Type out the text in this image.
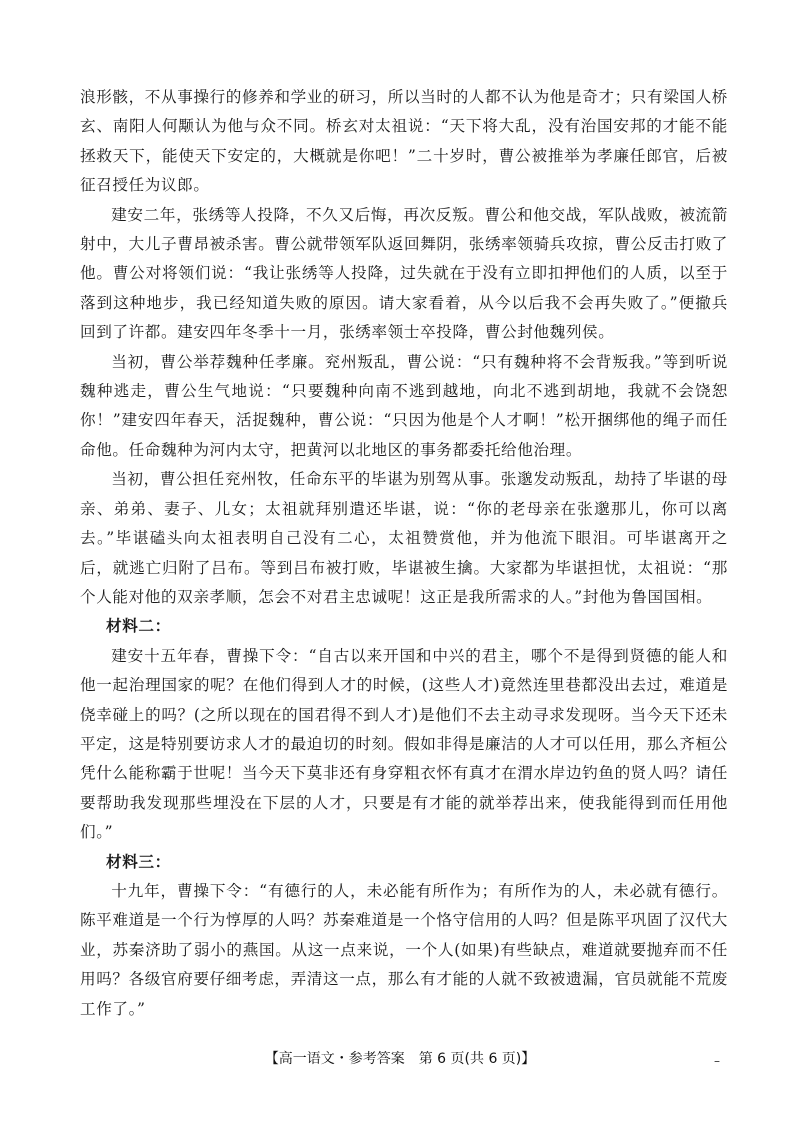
浪形骸，不从事操行的修养和学业的研习，所以当时的人都不认为他是奇才；只有梁国人桥玄、南阳人何颙认为他与众不同。桥玄对太祖说：“天下将大乱，没有治国安邦的才能不能拯救天下，能使天下安定的，大概就是你吧！”二十岁时，曹公被推举为孝廉任郎官，后被征召授任为议郎。

建安二年，张绣等人投降，不久又后悔，再次反叛。曹公和他交战，军队战败，被流箭射中，大儿子曹昂被杀害。曹公就带领军队返回舞阴，张绣率领骑兵攻掠，曹公反击打败了他。曹公对将领们说：“我让张绣等人投降，过失就在于没有立即扣押他们的人质，以至于落到这种地步，我已经知道失败的原因。请大家看着，从今以后我不会再失败了。”便撤兵回到了许都。建安四年冬季十一月，张绣率领士卒投降，曹公封他魏列侯。

当初，曹公举荐魏种任孝廉。兖州叛乱，曹公说：“只有魏种将不会背叛我。”等到听说魏种逃走，曹公生气地说：“只要魏种向南不逃到越地，向北不逃到胡地，我就不会饶恕你！”建安四年春天，活捉魏种，曹公说：“只因为他是个人才啊！”松开捆绑他的绳子而任命他。任命魏种为河内太守，把黄河以北地区的事务都委托给他治理。

当初，曹公担任兖州牧，任命东平的毕谌为别驾从事。张邈发动叛乱，劫持了毕谌的母亲、弟弟、妻子、儿女；太祖就拜别遣还毕谌，说：“你的老母亲在张邈那儿，你可以离去。”毕谌磕头向太祖表明自己没有二心，太祖赞赏他，并为他流下眼泪。可毕谌离开之后，就逃亡归附了吕布。等到吕布被打败，毕谌被生擒。大家都为毕谌担忧，太祖说：“那个人能对他的双亲孝顺，怎会不对君主忠诚呢！这正是我所需求的人。”封他为鲁国国相。

材料二：

建安十五年春，曹操下令：“自古以来开国和中兴的君主，哪个不是得到贤德的能人和他一起治理国家的呢？在他们得到人才的时候，(这些人才)竟然连里巷都没出去过，难道是侥幸碰上的吗？(之所以现在的国君得不到人才)是他们不去主动寻求发现呀。当今天下还未平定，这是特别要访求人才的最迫切的时刻。假如非得是廉洁的人才可以任用，那么齐桓公凭什么能称霸于世呢！当今天下莫非还有身穿粗衣怀有真才在渭水岸边钓鱼的贤人吗？请任要帮助我发现那些埋没在下层的人才，只要是有才能的就举荐出来，使我能得到而任用他们。”

材料三：

十九年，曹操下令：“有德行的人，未必能有所作为；有所作为的人，未必就有德行。陈平难道是一个行为惇厚的人吗？苏秦难道是一个恪守信用的人吗？但是陈平巩固了汉代大业，苏秦济助了弱小的燕国。从这一点来说，一个人(如果)有些缺点，难道就要抛弃而不任用吗？各级官府要仔细考虑，弄清这一点，那么有才能的人就不致被遗漏，官员就能不荒废工作了。”

【高一语文・参考答案　第 6 页(共 6 页)】	–
